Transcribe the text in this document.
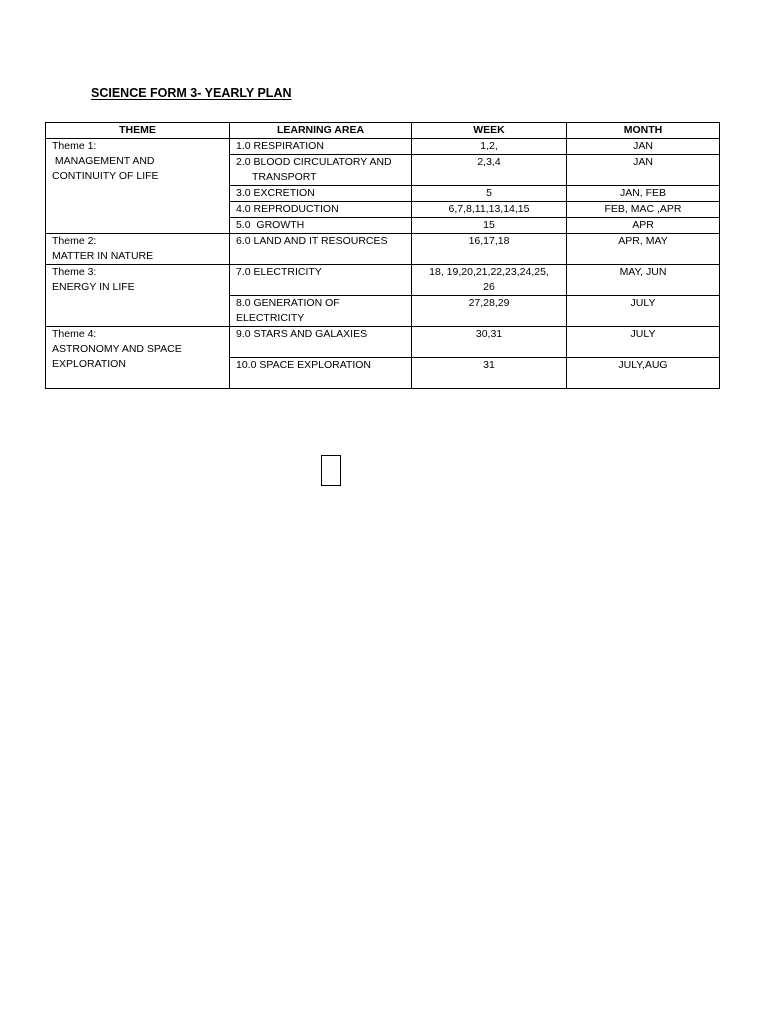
SCIENCE FORM 3- YEARLY PLAN
THEME	LEARNING AREA	WEEK	MONTH

Theme 1:
MANAGEMENT AND
CONTINUITY OF LIFE	1.0 RESPIRATION	1,2,	JAN

	2.0 BLOOD CIRCULATORY AND
TRANSPORT	2,3,4	JAN

	3.0 EXCRETION	5	JAN, FEB

	4.0 REPRODUCTION	6,7,8,11,13,14,15	FEB, MAC ,APR

	5.0  GROWTH	15	APR

Theme 2:
MATTER IN NATURE	6.0 LAND AND IT RESOURCES	16,17,18	APR, MAY

Theme 3:
ENERGY IN LIFE	7.0 ELECTRICITY	18, 19,20,21,22,23,24,25,
26	MAY, JUN

	8.0 GENERATION OF
ELECTRICITY	27,28,29	JULY

Theme 4:
ASTRONOMY AND SPACE
EXPLORATION	9.0 STARS AND GALAXIES	30,31	JULY

	10.0 SPACE EXPLORATION	31	JULY,AUG
